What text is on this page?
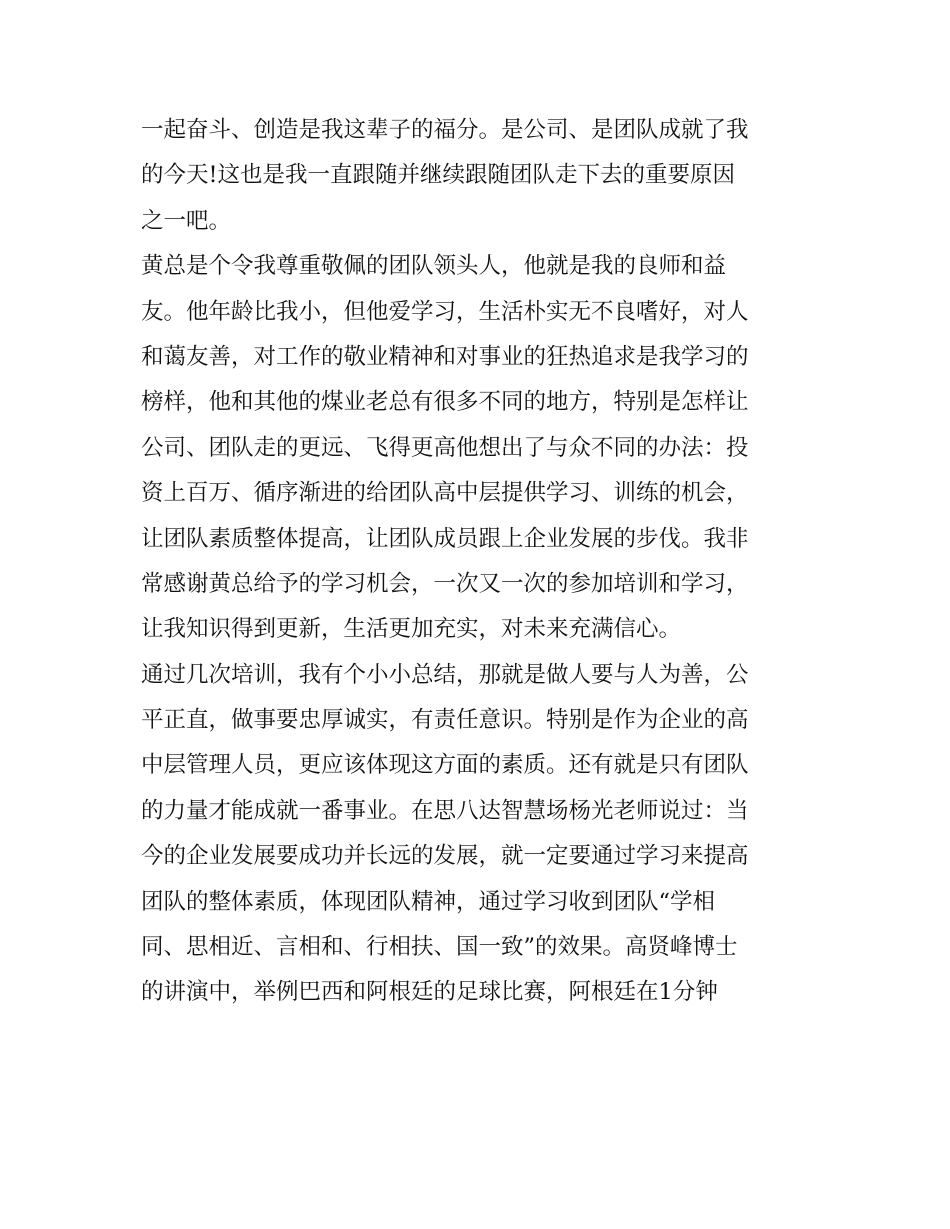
一起奋斗、创造是我这辈子的福分。是公司、是团队成就了我
的今天!这也是我一直跟随并继续跟随团队走下去的重要原因
之一吧。
黄总是个令我尊重敬佩的团队领头人，他就是我的良师和益
友。他年龄比我小，但他爱学习，生活朴实无不良嗜好，对人
和蔼友善，对工作的敬业精神和对事业的狂热追求是我学习的
榜样，他和其他的煤业老总有很多不同的地方，特别是怎样让
公司、团队走的更远、飞得更高他想出了与众不同的办法：投
资上百万、循序渐进的给团队高中层提供学习、训练的机会，
让团队素质整体提高，让团队成员跟上企业发展的步伐。我非
常感谢黄总给予的学习机会，一次又一次的参加培训和学习，
让我知识得到更新，生活更加充实，对未来充满信心。
通过几次培训，我有个小小总结，那就是做人要与人为善，公
平正直，做事要忠厚诚实，有责任意识。特别是作为企业的高
中层管理人员，更应该体现这方面的素质。还有就是只有团队
的力量才能成就一番事业。在思八达智慧场杨光老师说过：当
今的企业发展要成功并长远的发展，就一定要通过学习来提高
团队的整体素质，体现团队精神，通过学习收到团队“学相
同、思相近、言相和、行相扶、国一致”的效果。高贤峰博士
的讲演中，举例巴西和阿根廷的足球比赛，阿根廷在1分钟
